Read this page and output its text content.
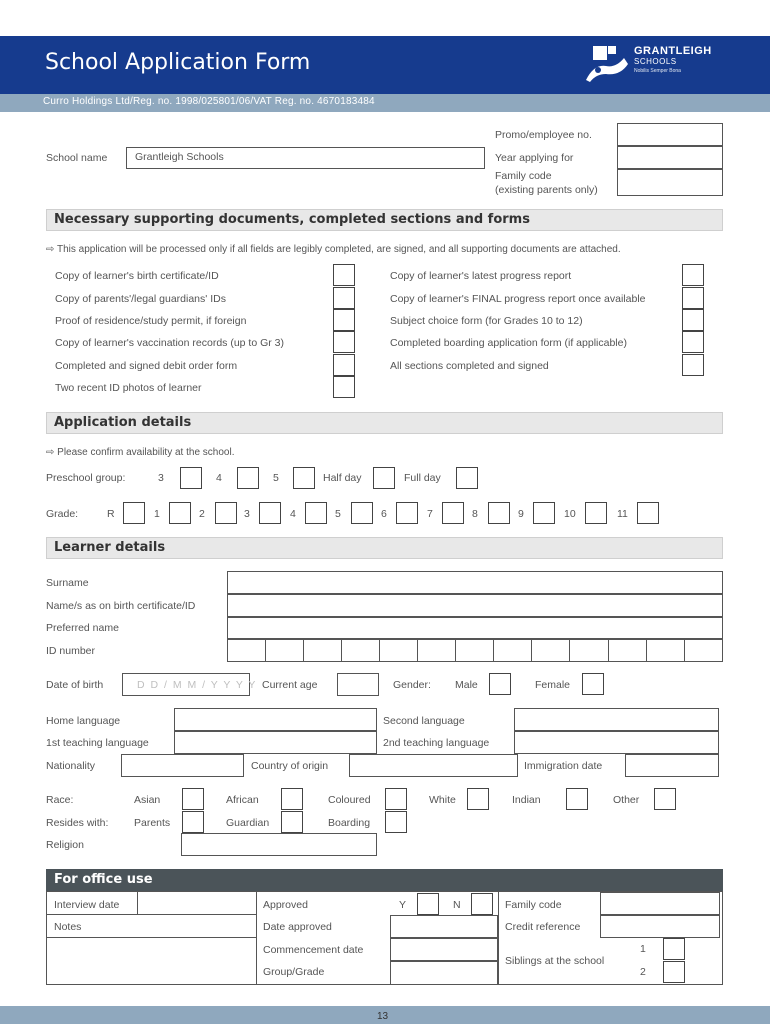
School Application Form	GRANTLEIGH
SCHOOLS
Nobilis Semper Bona
Curro Holdings Ltd/Reg. no. 1998/025801/06/VAT Reg. no. 4670183484
School name	Grantleigh Schools
Promo/employee no.
Year applying for
Family code
(existing parents only)
Necessary supporting documents, completed sections and forms
⇨ This application will be processed only if all fields are legibly completed, are signed, and all supporting documents are attached.
Copy of learner's birth certificate/ID
Copy of parents'/legal guardians' IDs
Proof of residence/study permit, if foreign
Copy of learner's vaccination records (up to Gr 3)
Completed and signed debit order form
Two recent ID photos of learner
Copy of learner's latest progress report
Copy of learner's FINAL progress report once available
Subject choice form (for Grades 10 to 12)
Completed boarding application form (if applicable)
All sections completed and signed
Application details
⇨ Please confirm availability at the school.
Preschool group:	3	4	5	Half day	Full day
Grade:	R	1	2	3	4	5	6	7	8	9	10	11
Learner details
Surname
Name/s as on birth certificate/ID
Preferred name
ID number
Date of birth	D D / M M / Y Y Y Y Current age	Gender: Male	Female
Home language	Second language
1st teaching language	2nd teaching language
Nationality	Country of origin	Immigration date
Race:	Asian	African	Coloured	White	Indian	Other
Resides with: Parents	Guardian	Boarding
Religion
For office use
Interview date
Notes
Approved	Y	N
Date approved
Commencement date
Group/Grade
Family code
Credit reference
Siblings at the school
1
2
13
